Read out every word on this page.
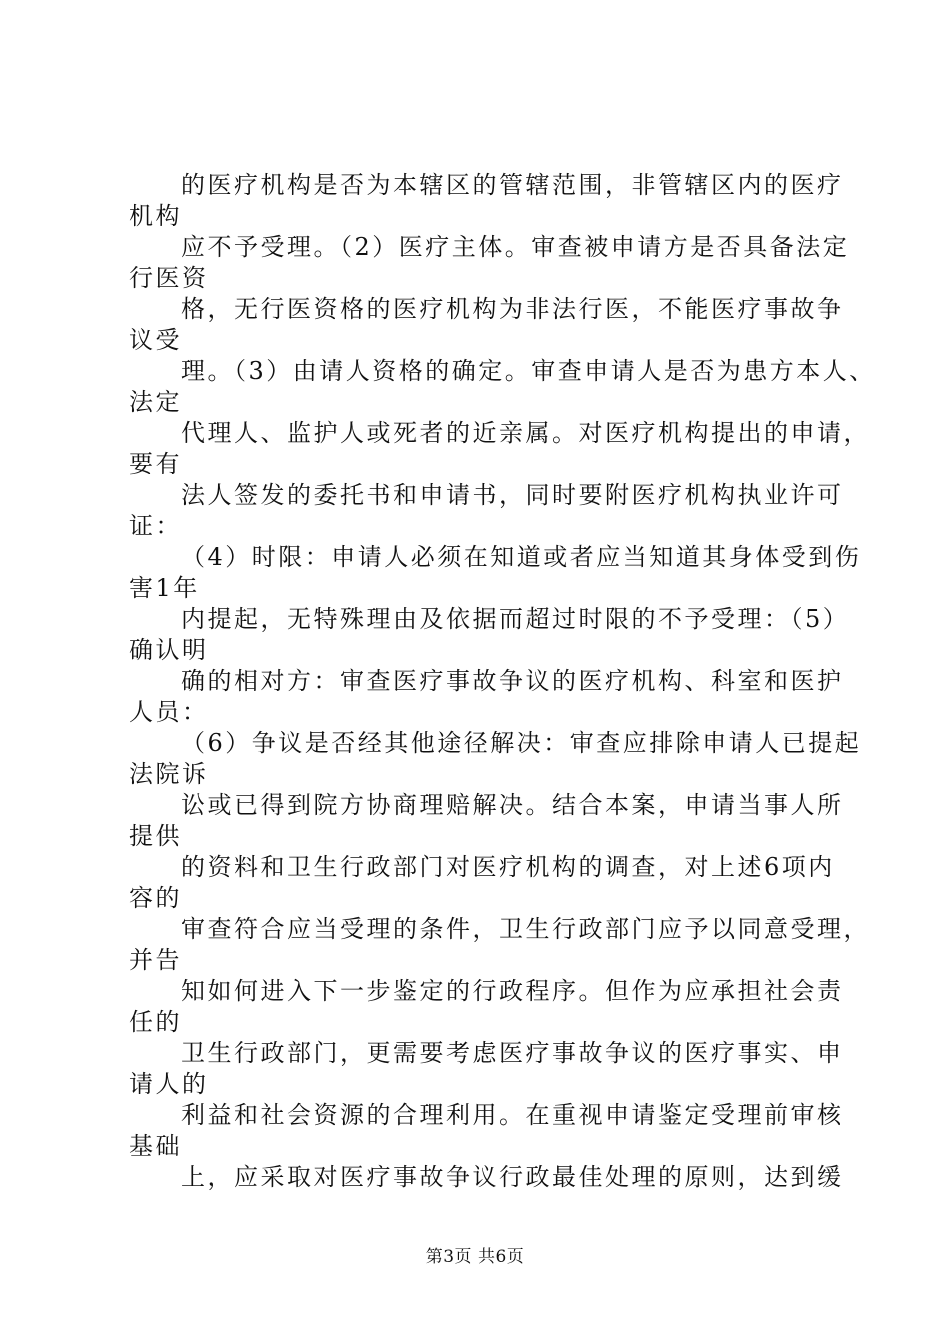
的医疗机构是否为本辖区的管辖范围，非管辖区内的医疗
机构
应不予受理。（2）医疗主体。审查被申请方是否具备法定
行医资
格，无行医资格的医疗机构为非法行医，不能医疗事故争
议受
理。（3）由请人资格的确定。审查申请人是否为患方本人、
法定
代理人、监护人或死者的近亲属。对医疗机构提出的申请，
要有
法人签发的委托书和申请书，同时要附医疗机构执业许可
证：
（4）时限：申请人必须在知道或者应当知道其身体受到伤
害1年
内提起，无特殊理由及依据而超过时限的不予受理：（5）
确认明
确的相对方：审查医疗事故争议的医疗机构、科室和医护
人员：
（6）争议是否经其他途径解决：审查应排除申请人已提起
法院诉
讼或已得到院方协商理赔解决。结合本案，申请当事人所
提供
的资料和卫生行政部门对医疗机构的调查，对上述6项内
容的
审查符合应当受理的条件，卫生行政部门应予以同意受理，
并告
知如何进入下一步鉴定的行政程序。但作为应承担社会责
任的
卫生行政部门，更需要考虑医疗事故争议的医疗事实、申
请人的
利益和社会资源的合理利用。在重视申请鉴定受理前审核
基础
上，应采取对医疗事故争议行政最佳处理的原则，达到缓
第3页 共6页
